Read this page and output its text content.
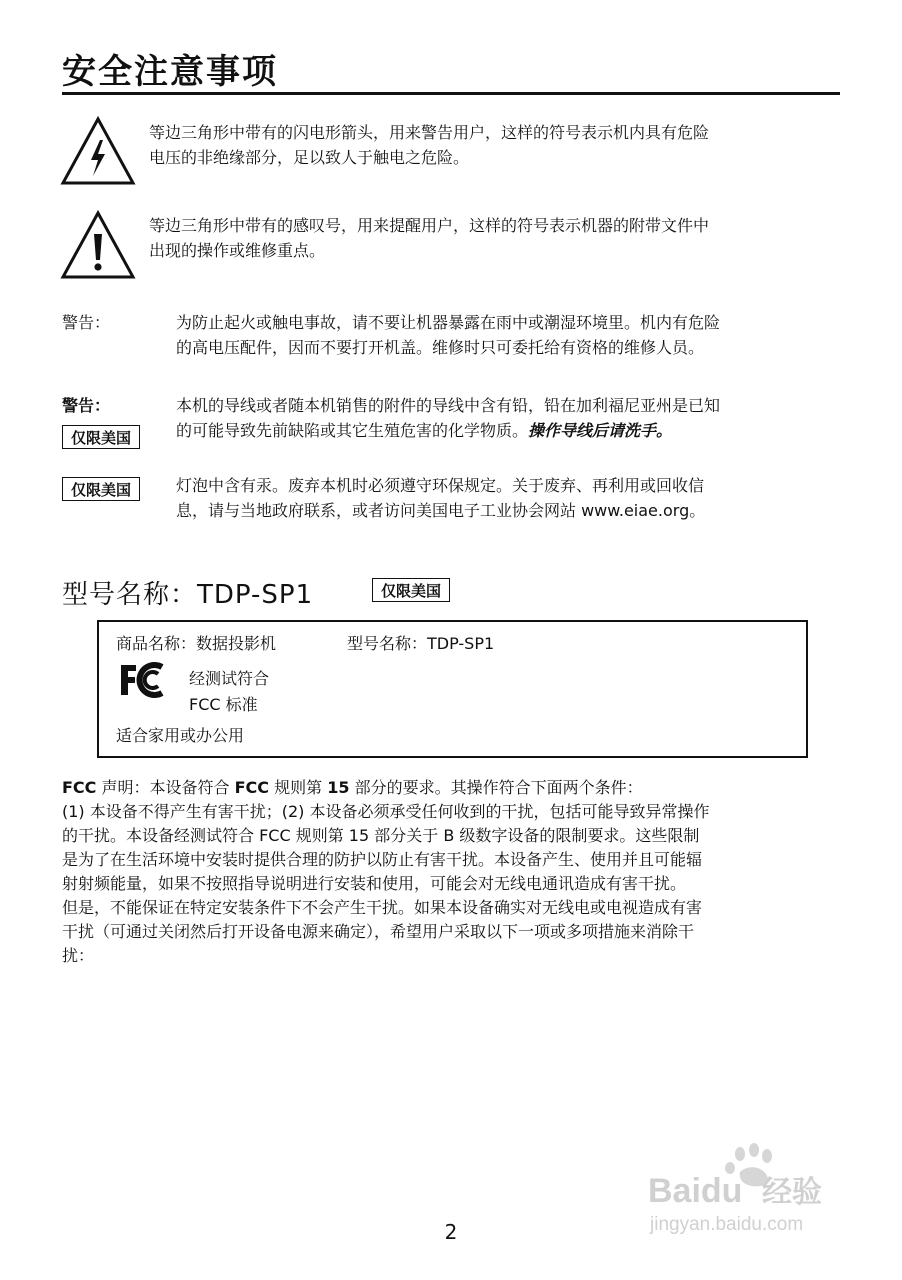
安全注意事项
等边三角形中带有的闪电形箭头，用来警告用户，这样的符号表示机内具有危险
电压的非绝缘部分，足以致人于触电之危险。
等边三角形中带有的感叹号，用来提醒用户，这样的符号表示机器的附带文件中
出现的操作或维修重点。
警告：	为防止起火或触电事故，请不要让机器暴露在雨中或潮湿环境里。机内有危险
的高电压配件，因而不要打开机盖。维修时只可委托给有资格的维修人员。
警告：
仅限美国
本机的导线或者随本机销售的附件的导线中含有铅，铅在加利福尼亚州是已知
的可能导致先前缺陷或其它生殖危害的化学物质。操作导线后请洗手。
仅限美国	灯泡中含有汞。废弃本机时必须遵守环保规定。关于废弃、再利用或回收信
息，请与当地政府联系，或者访问美国电子工业协会网站 www.eiae.org。
型号名称：TDP-SP1	仅限美国
商品名称：数据投影机	型号名称：TDP-SP1
经测试符合
FCC 标准
适合家用或办公用
FCC 声明：本设备符合 FCC 规则第 15 部分的要求。其操作符合下面两个条件：
(1) 本设备不得产生有害干扰；(2) 本设备必须承受任何收到的干扰，包括可能导致异常操作
的干扰。本设备经测试符合 FCC 规则第 15 部分关于 B 级数字设备的限制要求。这些限制
是为了在生活环境中安装时提供合理的防护以防止有害干扰。本设备产生、使用并且可能辐
射射频能量，如果不按照指导说明进行安装和使用，可能会对无线电通讯造成有害干扰。
但是，不能保证在特定安装条件下不会产生干扰。如果本设备确实对无线电或电视造成有害
干扰（可通过关闭然后打开设备电源来确定），希望用户采取以下一项或多项措施来消除干
扰：
2
Baidu 经验
jingyan.baidu.com
